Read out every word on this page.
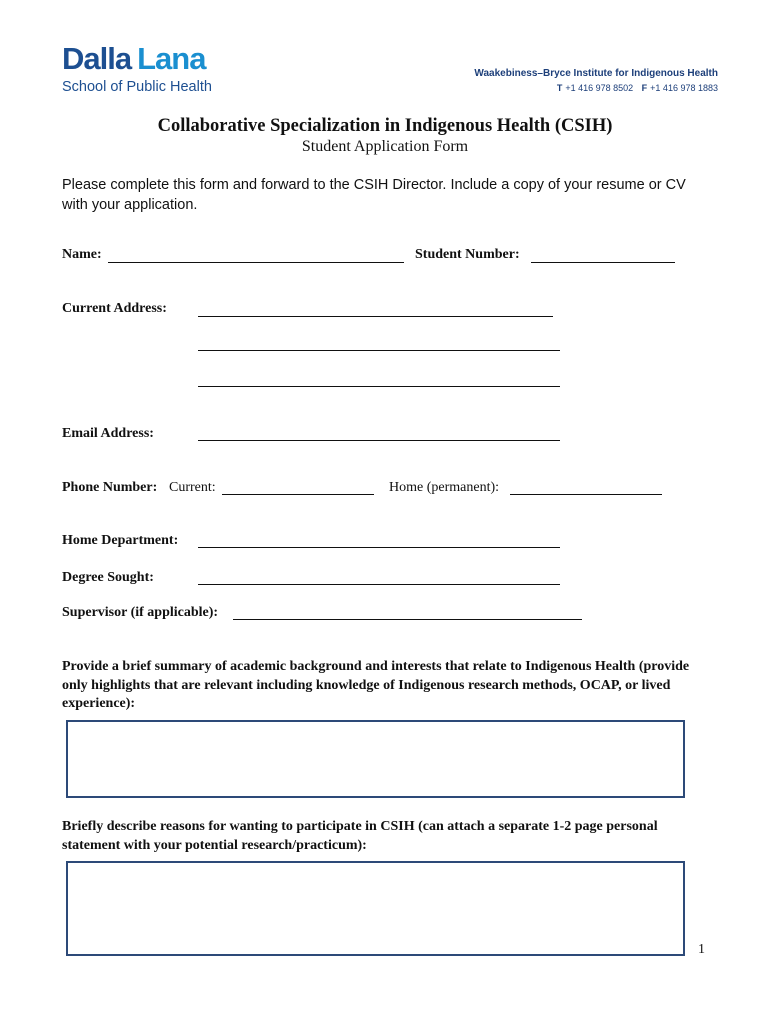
Dalla Lana
School of Public Health
Waakebiness–Bryce Institute for Indigenous Health
T +1 416 978 8502 F +1 416 978 1883
Collaborative Specialization in Indigenous Health (CSIH)
Student Application Form
Please complete this form and forward to the CSIH Director. Include a copy of your resume or CV with your application.
Name:	Student Number:
Current Address:
Email Address:
Phone Number: Current:	Home (permanent):
Home Department:
Degree Sought:
Supervisor (if applicable):
Provide a brief summary of academic background and interests that relate to Indigenous Health (provide only highlights that are relevant including knowledge of Indigenous research methods, OCAP, or lived experience):
Briefly describe reasons for wanting to participate in CSIH (can attach a separate 1-2 page personal statement with your potential research/practicum):
1
